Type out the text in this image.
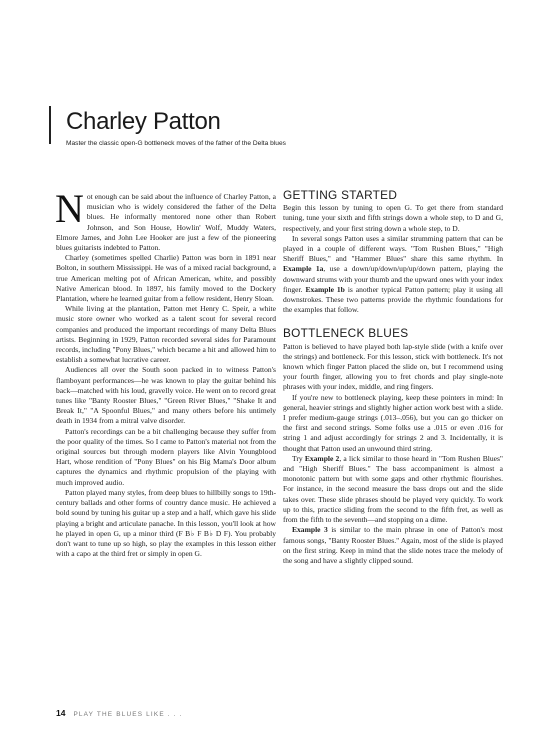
Charley Patton

Master the classic open-G bottleneck moves of the father of the Delta blues

Not enough can be said about the influence of Charley Patton, a musician who is widely considered the father of the Delta blues. He informally mentored none other than Robert Johnson, and Son House, Howlin' Wolf, Muddy Waters, Elmore James, and John Lee Hooker are just a few of the pioneering blues guitarists indebted to Patton.

Charley (sometimes spelled Charlie) Patton was born in 1891 near Bolton, in southern Mississippi. He was of a mixed racial background, a true American melting pot of African American, white, and possibly Native American blood. In 1897, his family moved to the Dockery Plantation, where he learned guitar from a fellow resident, Henry Sloan.

While living at the plantation, Patton met Henry C. Speir, a white music store owner who worked as a talent scout for several record companies and produced the important recordings of many Delta Blues artists. Beginning in 1929, Patton recorded several sides for Paramount records, including "Pony Blues," which became a hit and allowed him to establish a somewhat lucrative career.

Audiences all over the South soon packed in to witness Patton's flamboyant performances—he was known to play the guitar behind his back—matched with his loud, gravelly voice. He went on to record great tunes like "Banty Rooster Blues," "Green River Blues," "Shake It and Break It," "A Spoonful Blues," and many others before his untimely death in 1934 from a mitral valve disorder.

Patton's recordings can be a bit challenging because they suffer from the poor quality of the times. So I came to Patton's material not from the original sources but through modern players like Alvin Youngblood Hart, whose rendition of "Pony Blues" on his Big Mama's Door album captures the dynamics and rhythmic propulsion of the playing with much improved audio.

Patton played many styles, from deep blues to hillbilly songs to 19th-century ballads and other forms of country dance music. He achieved a bold sound by tuning his guitar up a step and a half, which gave his slide playing a bright and articulate panache. In this lesson, you'll look at how he played in open G, up a minor third (F B♭ F B♭ D F). You probably don't want to tune up so high, so play the examples in this lesson either with a capo at the third fret or simply in open G.

GETTING STARTED

Begin this lesson by tuning to open G. To get there from standard tuning, tune your sixth and fifth strings down a whole step, to D and G, respectively, and your first string down a whole step, to D.

In several songs Patton uses a similar strumming pattern that can be played in a couple of different ways. "Tom Rushen Blues," "High Sheriff Blues," and "Hammer Blues" share this same rhythm. In Example 1a, use a down/up/down/up/up/down pattern, playing the downward strums with your thumb and the upward ones with your index finger. Example 1b is another typical Patton pattern; play it using all downstrokes. These two patterns provide the rhythmic foundations for the examples that follow.

BOTTLENECK BLUES

Patton is believed to have played both lap-style slide (with a knife over the strings) and bottleneck. For this lesson, stick with bottleneck. It's not known which finger Patton placed the slide on, but I recommend using your fourth finger, allowing you to fret chords and play single-note phrases with your index, middle, and ring fingers.

If you're new to bottleneck playing, keep these pointers in mind: In general, heavier strings and slightly higher action work best with a slide. I prefer medium-gauge strings (.013–.056), but you can go thicker on the first and second strings. Some folks use a .015 or even .016 for string 1 and adjust accordingly for strings 2 and 3. Incidentally, it is thought that Patton used an unwound third string.

Try Example 2, a lick similar to those heard in "Tom Rushen Blues" and "High Sheriff Blues." The bass accompaniment is almost a monotonic pattern but with some gaps and other rhythmic flourishes. For instance, in the second measure the bass drops out and the slide takes over. These slide phrases should be played very quickly. To work up to this, practice sliding from the second to the fifth fret, as well as from the fifth to the seventh—and stopping on a dime.

Example 3 is similar to the main phrase in one of Patton's most famous songs, "Banty Rooster Blues." Again, most of the slide is played on the first string. Keep in mind that the slide notes trace the melody of the song and have a slightly clipped sound.

14 PLAY THE BLUES LIKE . . .
